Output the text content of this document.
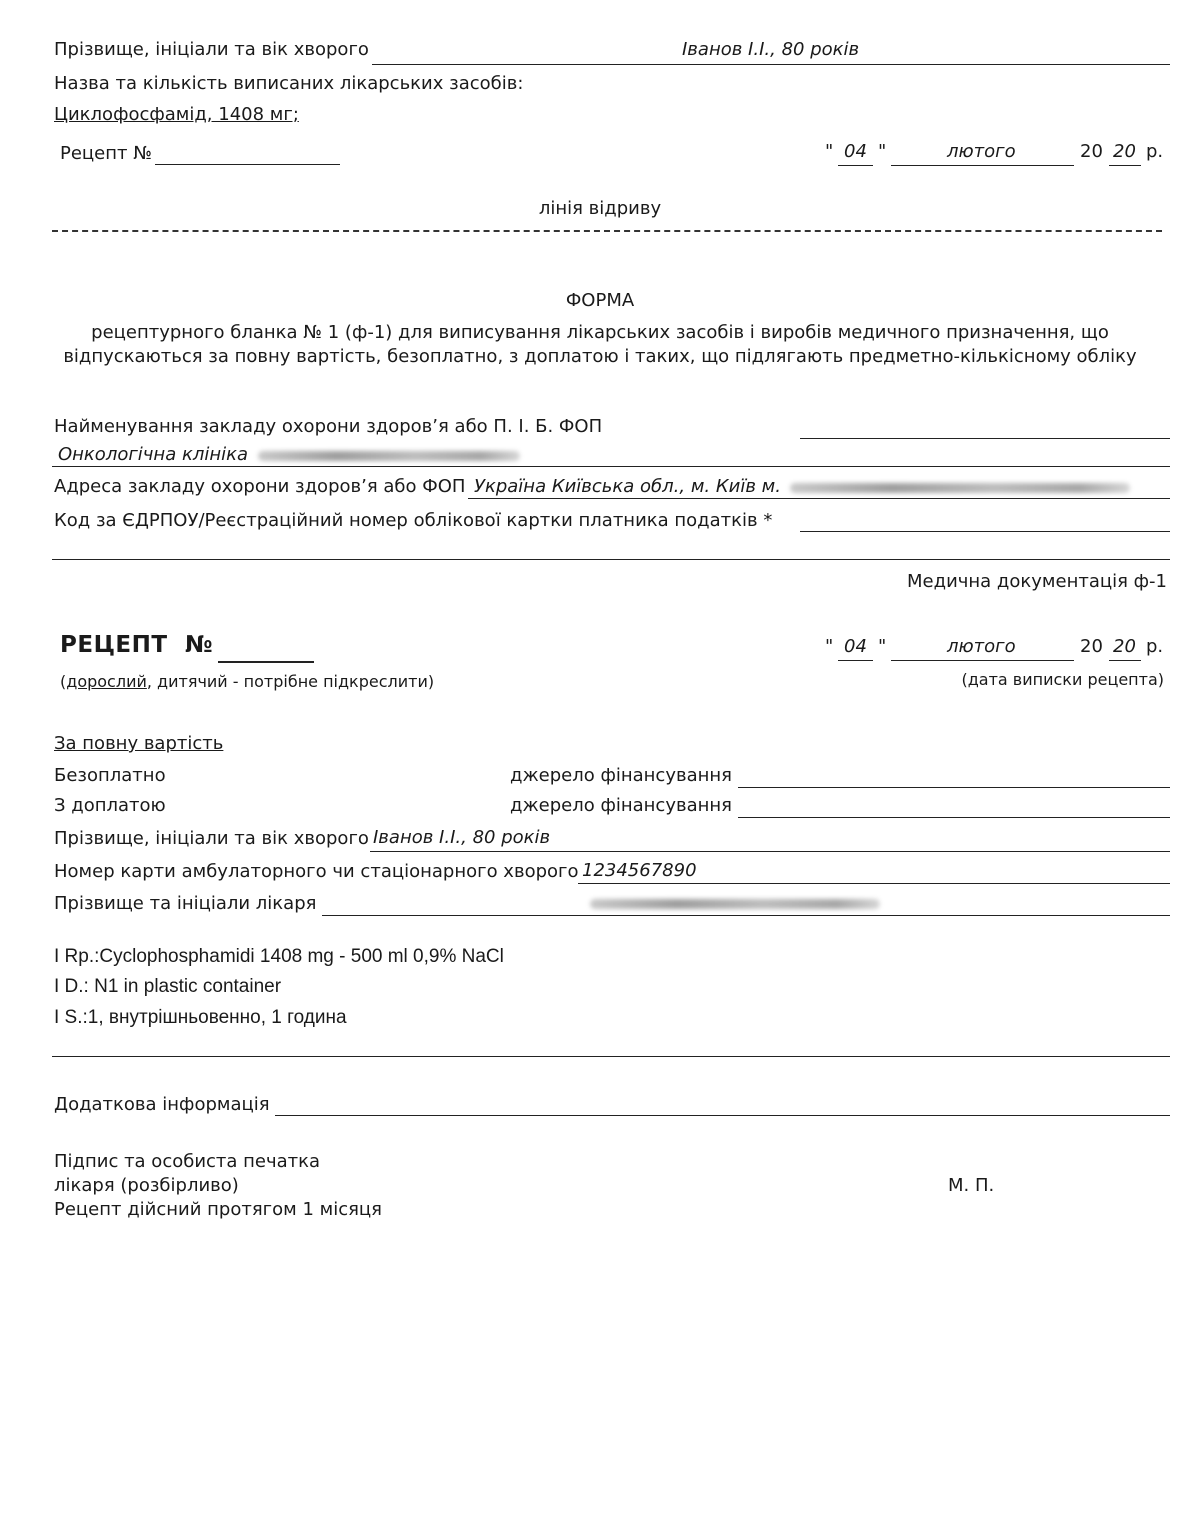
Прізвище, ініціали та вік хворого	Іванов І.І., 80 років
Назва та кількість виписаних лікарських засобів:
Циклофосфамід, 1408 мг;
Рецепт №	" 04 "	лютого	20 20 р.
лінія відриву
ФОРМА
рецептурного бланка № 1 (ф-1) для виписування лікарських засобів і виробів медичного призначення, що
відпускаються за повну вартість, безоплатно, з доплатою і таких, що підлягають предметно-кількісному обліку
Найменування закладу охорони здоров’я або П. І. Б. ФОП
Онкологічна клініка
Адреса закладу охорони здоров’я або ФОП Україна Київська обл., м. Київ м.
Код за ЄДРПОУ/Реєстраційний номер облікової картки платника податків *
Медична документація ф-1
РЕЦЕПТ №
(дорослий, дитячий - потрібне підкреслити)
" 04 "	лютого	20 20 р.
(дата виписки рецепта)
За повну вартість
Безоплатно	джерело фінансування
З доплатою	джерело фінансування
Прізвище, ініціали та вік хворого Іванов І.І., 80 років
Номер карти амбулаторного чи стаціонарного хворого 1234567890
Прізвище та ініціали лікаря
I Rp.:Cyclophosphamidi 1408 mg - 500 ml 0,9% NaCl
I D.: N1 in plastic container
I S.:1, внутрішньовенно, 1 година
Додаткова інформація
Підпис та особиста печатка
лікаря (розбірливо)
Рецепт дійсний протягом 1 місяця
М. П.
